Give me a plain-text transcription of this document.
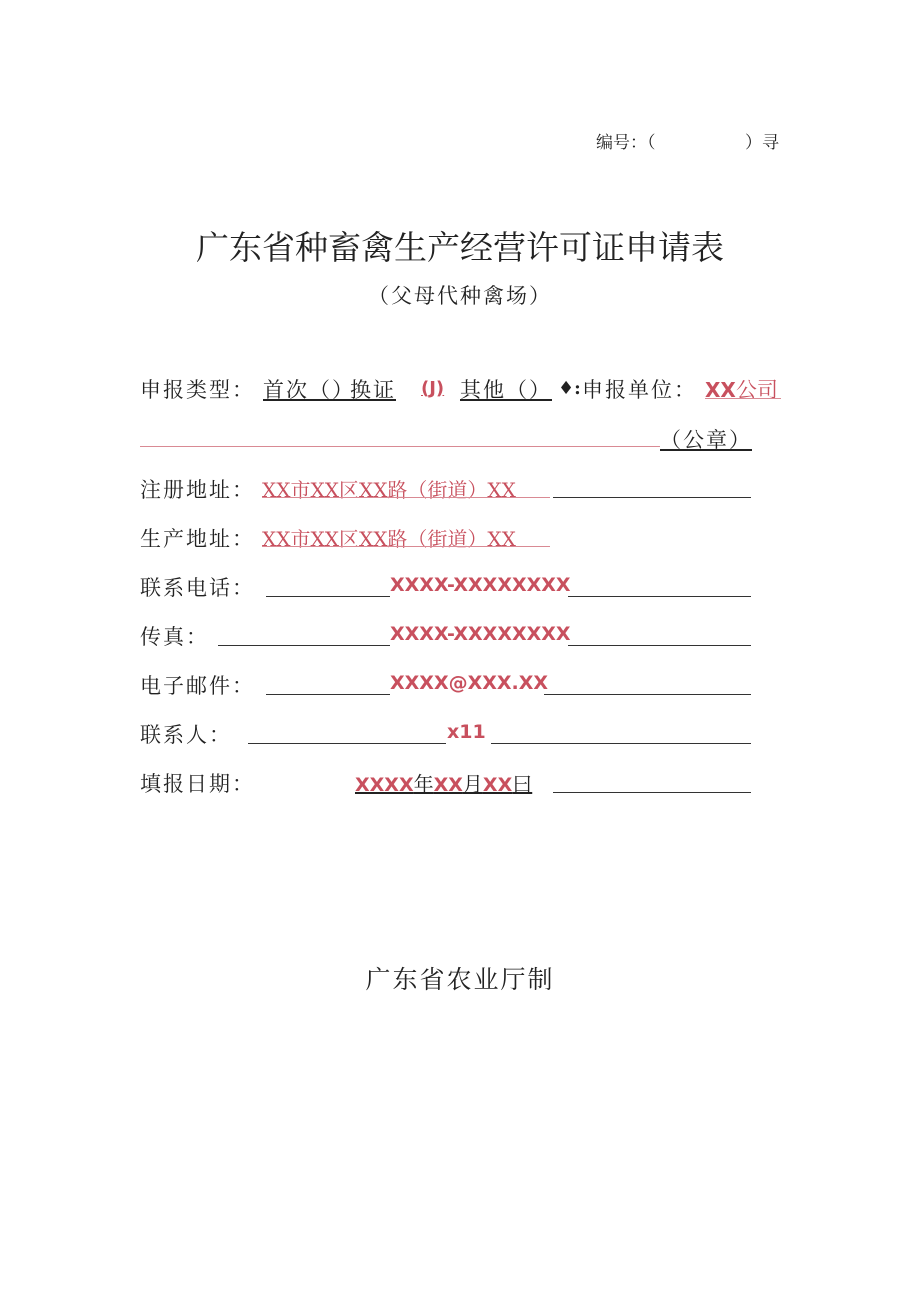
编号：（	）寻
广东省种畜禽生产经营许可证申请表
（父母代种禽场）
申报类型： 首次（）
换证 (J) 其他（） ♦: 申报单位： XX公司
（公章）
注册地址： XX市XX区XX路（街道）XX
生产地址： XX市XX区XX路（街道）XX
联系电话：	XXXX-XXXXXXXX
传真：	XXXX-XXXXXXXX
电子邮件：	XXXX@XXX.XX
联系人：	x11
填报日期：	XXXX年XX月XX曰
广东省农业厅制
